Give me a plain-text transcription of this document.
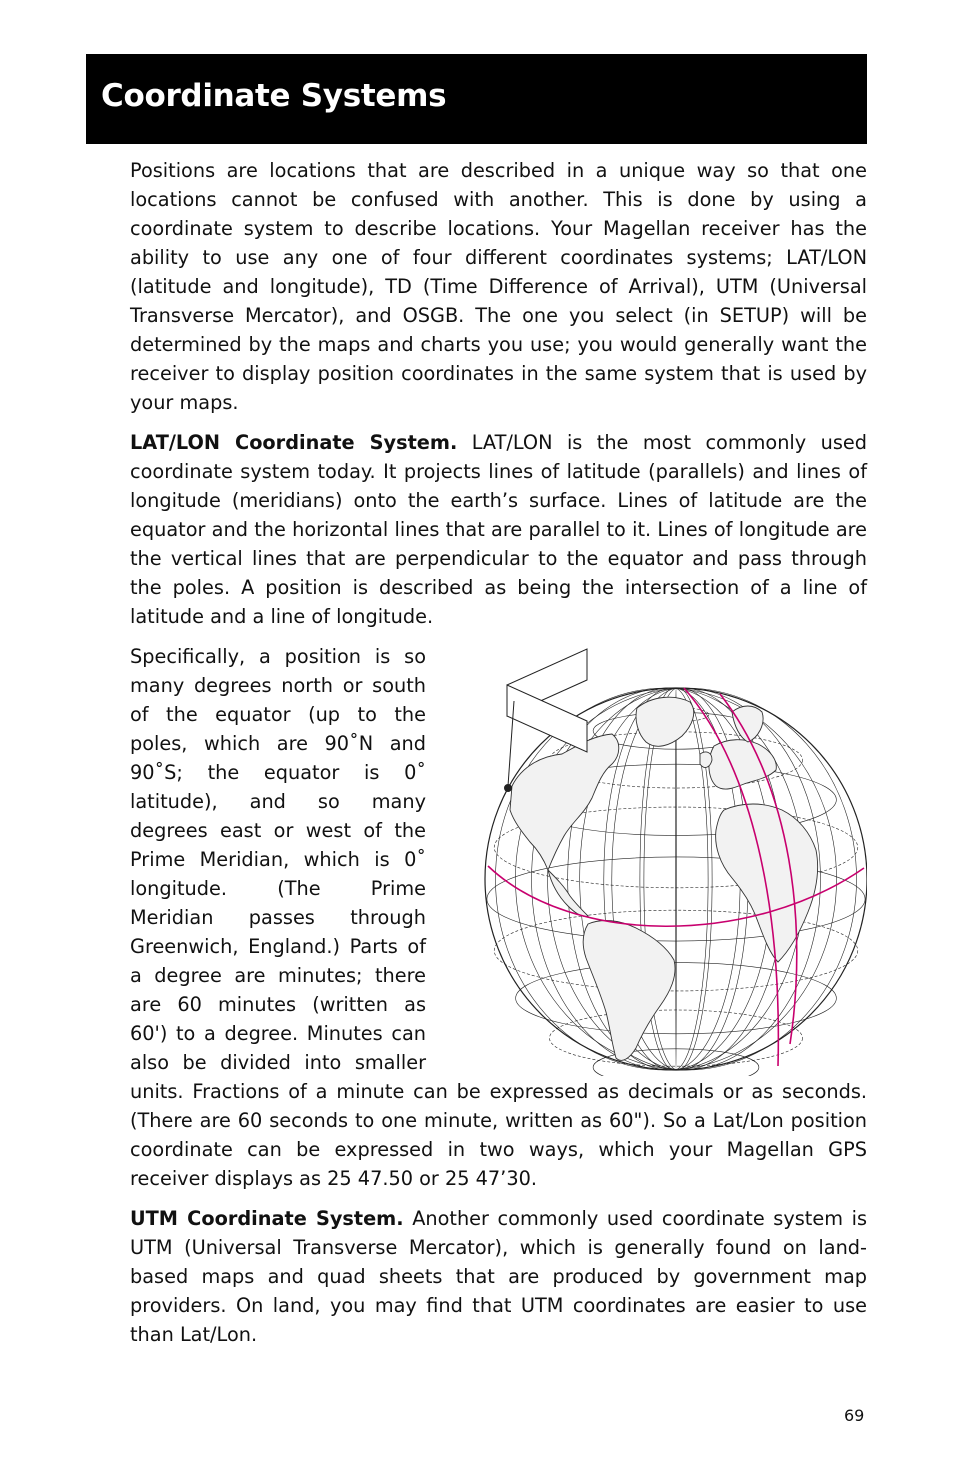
Coordinate Systems

Positions are locations that are described in a unique way so that one locations cannot be confused with another. This is done by using a coordinate system to describe locations. Your Magellan receiver has the ability to use any one of four different coordinates systems; LAT/LON (latitude and longitude), TD (Time Difference of Arrival), UTM (Universal Transverse Mercator), and OSGB. The one you select (in SETUP) will be determined by the maps and charts you use; you would generally want the receiver to display position coordinates in the same system that is used by your maps.

LAT/LON Coordinate System. LAT/LON is the most commonly used coordinate system today. It projects lines of latitude (parallels) and lines of longitude (meridians) onto the earth’s surface. Lines of latitude are the equator and the horizontal lines that are parallel to it. Lines of longitude are the vertical lines that are perpendicular to the equator and pass through the poles. A position is described as being the intersection of a line of latitude and a line of longitude.

Specifically, a position is so many degrees north or south of the equator (up to the poles, which are 90˚N and 90˚S; the equator is 0˚ latitude), and so many degrees east or west of the Prime Meridian, which is 0˚ longitude. (The Prime Meridian passes through Greenwich, England.) Parts of a degree are minutes; there are 60 minutes (written as 60') to a degree. Minutes can also be divided into smaller units. Fractions of a minute can be expressed as decimals or as seconds. (There are 60 seconds to one minute, written as 60"). So a Lat/Lon position coordinate can be expressed in two ways, which your Magellan GPS receiver displays as 25 47.50 or 25 47’30.

UTM Coordinate System. Another commonly used coordinate system is UTM (Universal Transverse Mercator), which is generally found on land-based maps and quad sheets that are produced by government map providers. On land, you may find that UTM coordinates are easier to use than Lat/Lon.

69
